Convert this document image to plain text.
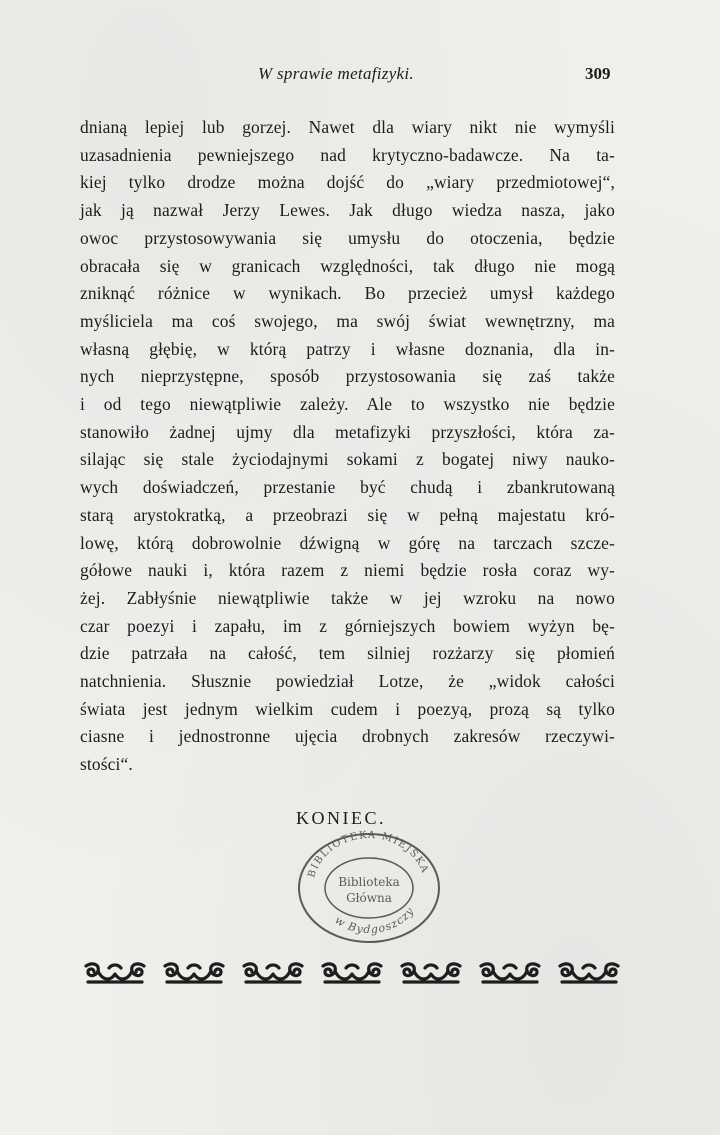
W sprawie metafizyki.	309
dnianą lepiej lub gorzej. Nawet dla wiary nikt nie wymyśli
uzasadnienia pewniejszego nad krytyczno-badawcze. Na ta-
kiej tylko drodze można dojść do „wiary przedmiotowej“,
jak ją nazwał Jerzy Lewes. Jak długo wiedza nasza, jako
owoc przystosowywania się umysłu do otoczenia, będzie
obracała się w granicach względności, tak długo nie mogą
zniknąć różnice w wynikach. Bo przecież umysł każdego
myśliciela ma coś swojego, ma swój świat wewnętrzny, ma
własną głębię, w którą patrzy i własne doznania, dla in-
nych nieprzystępne, sposób przystosowania się zaś także
i od tego niewątpliwie zależy. Ale to wszystko nie będzie
stanowiło żadnej ujmy dla metafizyki przyszłości, która za-
silając się stale życiodajnymi sokami z bogatej niwy nauko-
wych doświadczeń, przestanie być chudą i zbankrutowaną
starą arystokratką, a przeobrazi się w pełną majestatu kró-
lowę, którą dobrowolnie dźwigną w górę na tarczach szcze-
gółowe nauki i, która razem z niemi będzie rosła coraz wy-
żej. Zabłyśnie niewątpliwie także w jej wzroku na nowo
czar poezyi i zapału, im z górniejszych bowiem wyżyn bę-
dzie patrzała na całość, tem silniej rozżarzy się płomień
natchnienia. Słusznie powiedział Lotze, że „widok całości
świata jest jednym wielkim cudem i poezyą, prozą są tylko
ciasne i jednostronne ujęcia drobnych zakresów rzeczywi-
stości“.
KONIEC.
BIBLIOTEKA MIEJSKA
Biblioteka
Główna
w Bydgoszczy
